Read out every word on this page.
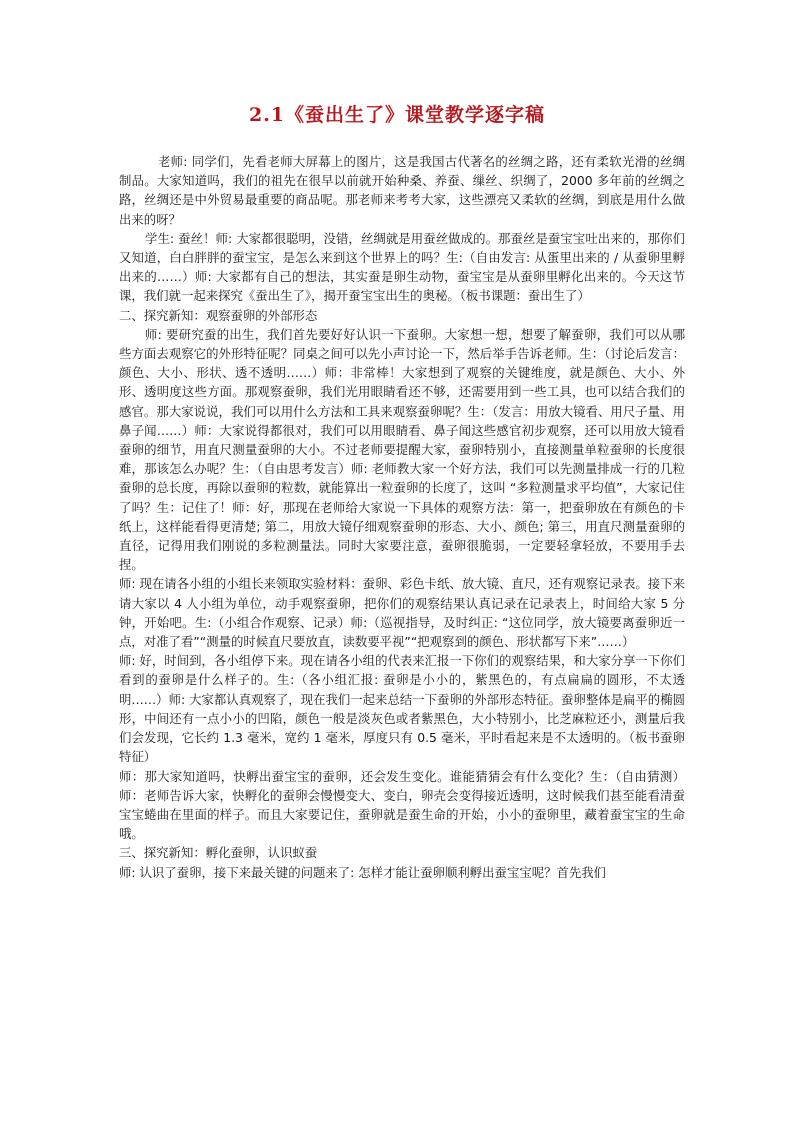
2.1《蚕出生了》课堂教学逐字稿

老师: 同学们，先看老师大屏幕上的图片，这是我国古代著名的丝绸之路，还有柔软光滑的丝绸制品。大家知道吗，我们的祖先在很早以前就开始种桑、养蚕、缫丝、织绸了，2000 多年前的丝绸之路，丝绸还是中外贸易最重要的商品呢。那老师来考考大家，这些漂亮又柔软的丝绸，到底是用什么做出来的呀？

学生: 蚕丝！师: 大家都很聪明，没错，丝绸就是用蚕丝做成的。那蚕丝是蚕宝宝吐出来的，那你们又知道，白白胖胖的蚕宝宝，是怎么来到这个世界上的吗？生:（自由发言: 从蛋里出来的 / 从蚕卵里孵出来的……）师: 大家都有自己的想法，其实蚕是卵生动物，蚕宝宝是从蚕卵里孵化出来的。今天这节课，我们就一起来探究《蚕出生了》，揭开蚕宝宝出生的奥秘。（板书课题：蚕出生了）

二、探究新知：观察蚕卵的外部形态

师: 要研究蚕的出生，我们首先要好好认识一下蚕卵。大家想一想，想要了解蚕卵，我们可以从哪些方面去观察它的外形特征呢？同桌之间可以先小声讨论一下，然后举手告诉老师。生：（讨论后发言：颜色、大小、形状、透不透明……）师：非常棒！大家想到了观察的关键维度，就是颜色、大小、外形、透明度这些方面。那观察蚕卵，我们光用眼睛看还不够，还需要用到一些工具，也可以结合我们的感官。那大家说说，我们可以用什么方法和工具来观察蚕卵呢？生：（发言：用放大镜看、用尺子量、用鼻子闻……）师：大家说得都很对，我们可以用眼睛看、鼻子闻这些感官初步观察，还可以用放大镜看蚕卵的细节，用直尺测量蚕卵的大小。不过老师要提醒大家，蚕卵特别小，直接测量单粒蚕卵的长度很难，那该怎么办呢？生：（自由思考发言）师: 老师教大家一个好方法，我们可以先测量排成一行的几粒蚕卵的总长度，再除以蚕卵的粒数，就能算出一粒蚕卵的长度了，这叫 “多粒测量求平均值”，大家记住了吗？生：记住了！师：好，那现在老师给大家说一下具体的观察方法：第一，把蚕卵放在有颜色的卡纸上，这样能看得更清楚; 第二，用放大镜仔细观察蚕卵的形态、大小、颜色; 第三，用直尺测量蚕卵的直径，记得用我们刚说的多粒测量法。同时大家要注意，蚕卵很脆弱，一定要轻拿轻放，不要用手去捏。

师: 现在请各小组的小组长来领取实验材料：蚕卵、彩色卡纸、放大镜、直尺，还有观察记录表。接下来请大家以 4 人小组为单位，动手观察蚕卵，把你们的观察结果认真记录在记录表上，时间给大家 5 分钟，开始吧。生:（小组合作观察、记录）师:（巡视指导，及时纠正: “这位同学，放大镜要离蚕卵近一点，对准了看”“测量的时候直尺要放直，读数要平视”“把观察到的颜色、形状都写下来”……）

师: 好，时间到，各小组停下来。现在请各小组的代表来汇报一下你们的观察结果，和大家分享一下你们看到的蚕卵是什么样子的。生:（各小组汇报: 蚕卵是小小的，紫黑色的，有点扁扁的圆形，不太透明……）师: 大家都认真观察了，现在我们一起来总结一下蚕卵的外部形态特征。蚕卵整体是扁平的椭圆形，中间还有一点小小的凹陷，颜色一般是淡灰色或者紫黑色，大小特别小，比芝麻粒还小，测量后我们会发现，它长约 1.3 毫米，宽约 1 毫米，厚度只有 0.5 毫米，平时看起来是不太透明的。（板书蚕卵特征）

师：那大家知道吗，快孵出蚕宝宝的蚕卵，还会发生变化。谁能猜猜会有什么变化？生：（自由猜测）师：老师告诉大家，快孵化的蚕卵会慢慢变大、变白，卵壳会变得接近透明，这时候我们甚至能看清蚕宝宝蜷曲在里面的样子。而且大家要记住，蚕卵就是蚕生命的开始，小小的蚕卵里，藏着蚕宝宝的生命哦。

三、探究新知：孵化蚕卵，认识蚁蚕

师: 认识了蚕卵，接下来最关键的问题来了: 怎样才能让蚕卵顺利孵出蚕宝宝呢？首先我们
